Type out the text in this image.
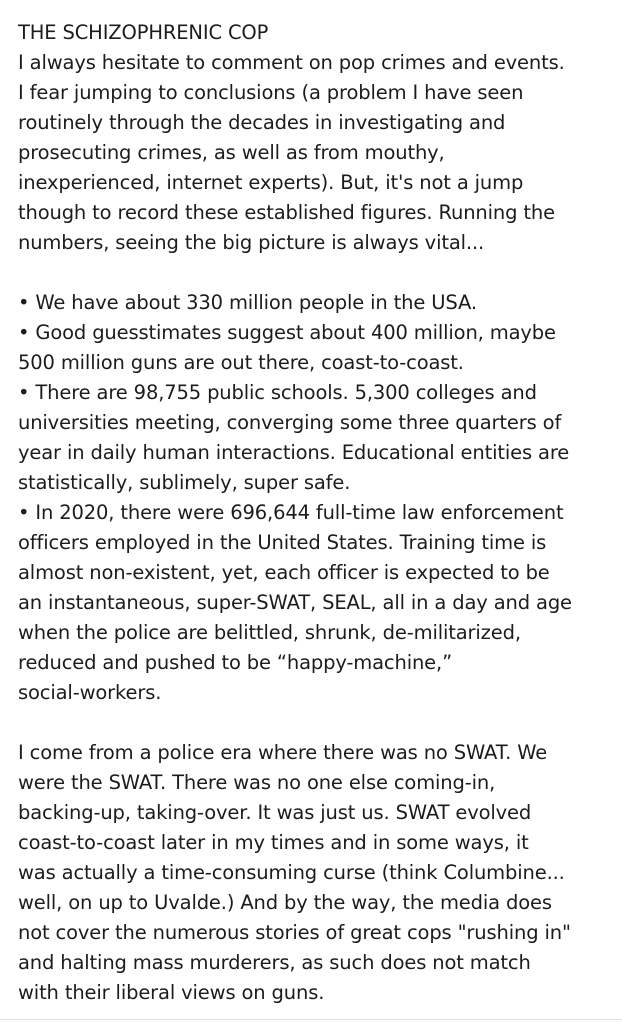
THE SCHIZOPHRENIC COP
I always hesitate to comment on pop crimes and events.
I fear jumping to conclusions (a problem I have seen
routinely through the decades in investigating and
prosecuting crimes, as well as from mouthy,
inexperienced, internet experts). But, it's not a jump
though to record these established figures. Running the
numbers, seeing the big picture is always vital...
• We have about 330 million people in the USA.
• Good guesstimates suggest about 400 million, maybe
500 million guns are out there, coast-to-coast.
• There are 98,755 public schools. 5,300 colleges and
universities meeting, converging some three quarters of
year in daily human interactions. Educational entities are
statistically, sublimely, super safe.
• In 2020, there were 696,644 full-time law enforcement
officers employed in the United States. Training time is
almost non-existent, yet, each officer is expected to be
an instantaneous, super-SWAT, SEAL, all in a day and age
when the police are belittled, shrunk, de-militarized,
reduced and pushed to be “happy-machine,”
social-workers.
I come from a police era where there was no SWAT. We
were the SWAT. There was no one else coming-in,
backing-up, taking-over. It was just us. SWAT evolved
coast-to-coast later in my times and in some ways, it
was actually a time-consuming curse (think Columbine...
well, on up to Uvalde.) And by the way, the media does
not cover the numerous stories of great cops "rushing in"
and halting mass murderers, as such does not match
with their liberal views on guns.
